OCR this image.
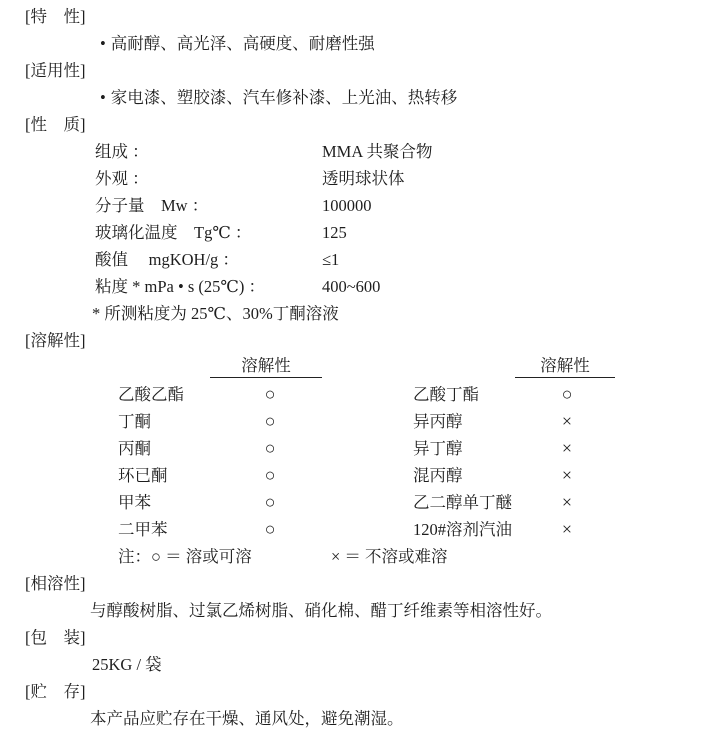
[特　性]
• 高耐醇、高光泽、高硬度、耐磨性强
[适用性]
• 家电漆、塑胶漆、汽车修补漆、上光油、热转移
[性　质]
组成 ：	MMA 共聚合物
外观 ：	透明球状体
分子量　Mw ：	100000
玻璃化温度　Tg℃ ：	125
酸值　 mgKOH/g ：	≤1
粘度 * mPa • s (25℃) ：	400~600
* 所测粘度为 25℃、30%丁酮溶液
[溶解性]
溶解性	溶解性
乙酸乙酯	○	乙酸丁酯	○
丁酮	○	异丙醇	×
丙酮	○	异丁醇	×
环已酮	○	混丙醇	×
甲苯	○	乙二醇单丁醚	×
二甲苯	○	120#溶剂汽油	×
注：○ ＝ 溶或可溶	× ＝ 不溶或难溶
[相溶性]
与醇酸树脂、过氯乙烯树脂、硝化棉、醋丁纤维素等相溶性好。
[包　装]
25KG / 袋
[贮　存]
本产品应贮存在干燥、通风处，避免潮湿。
